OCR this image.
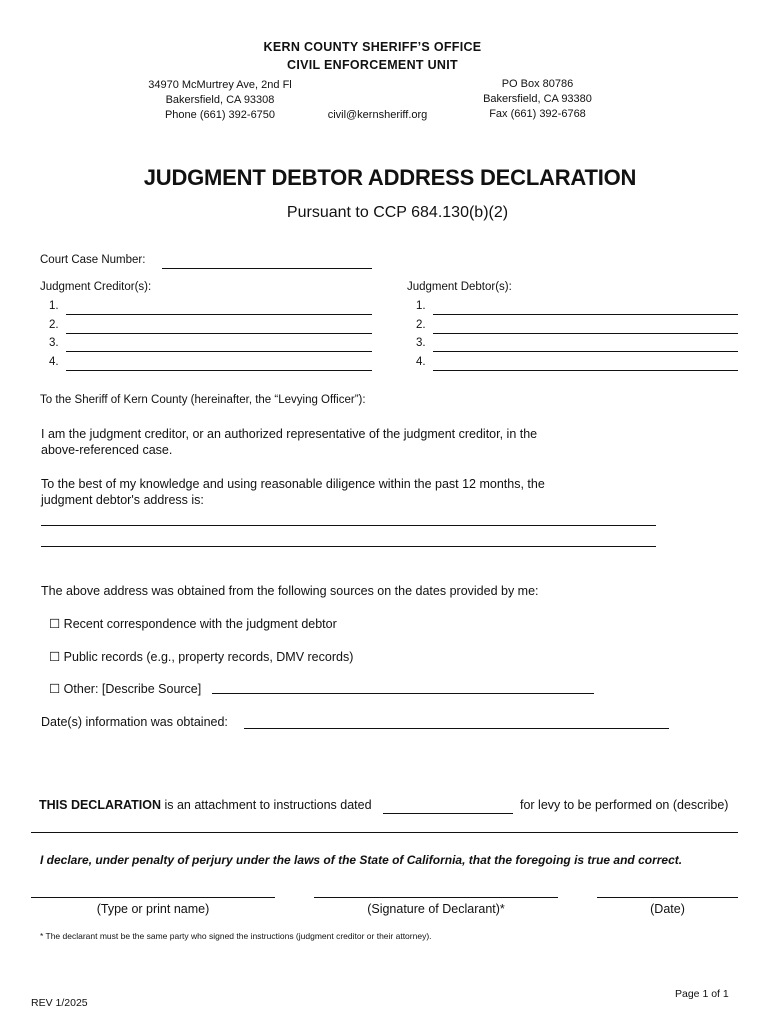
KERN COUNTY SHERIFF’S OFFICE
CIVIL ENFORCEMENT UNIT
34970 McMurtrey Ave, 2nd Fl
Bakersfield, CA 93308
Phone (661) 392-6750	civil@kernsheriff.org
PO Box 80786
Bakersfield, CA 93380
Fax (661) 392-6768
JUDGMENT DEBTOR ADDRESS DECLARATION
Pursuant to CCP 684.130(b)(2)
Court Case Number:
Judgment Creditor(s):	Judgment Debtor(s):
1.
2.
3.
4.
1.
2.
3.
4.
To the Sheriff of Kern County (hereinafter, the “Levying Officer”):
I am the judgment creditor, or an authorized representative of the judgment creditor, in the
above-referenced case.
To the best of my knowledge and using reasonable diligence within the past 12 months, the
judgment debtor's address is:
The above address was obtained from the following sources on the dates provided by me:
☐ Recent correspondence with the judgment debtor
☐ Public records (e.g., property records, DMV records)
☐ Other: [Describe Source]
Date(s) information was obtained:
THIS DECLARATION is an attachment to instructions dated	for levy to be performed on (describe)
I declare, under penalty of perjury under the laws of the State of California, that the foregoing is true and correct.
(Type or print name)	(Signature of Declarant)*	(Date)
* The declarant must be the same party who signed the instructions (judgment creditor or their attorney).
Page 1 of 1
REV 1/2025
